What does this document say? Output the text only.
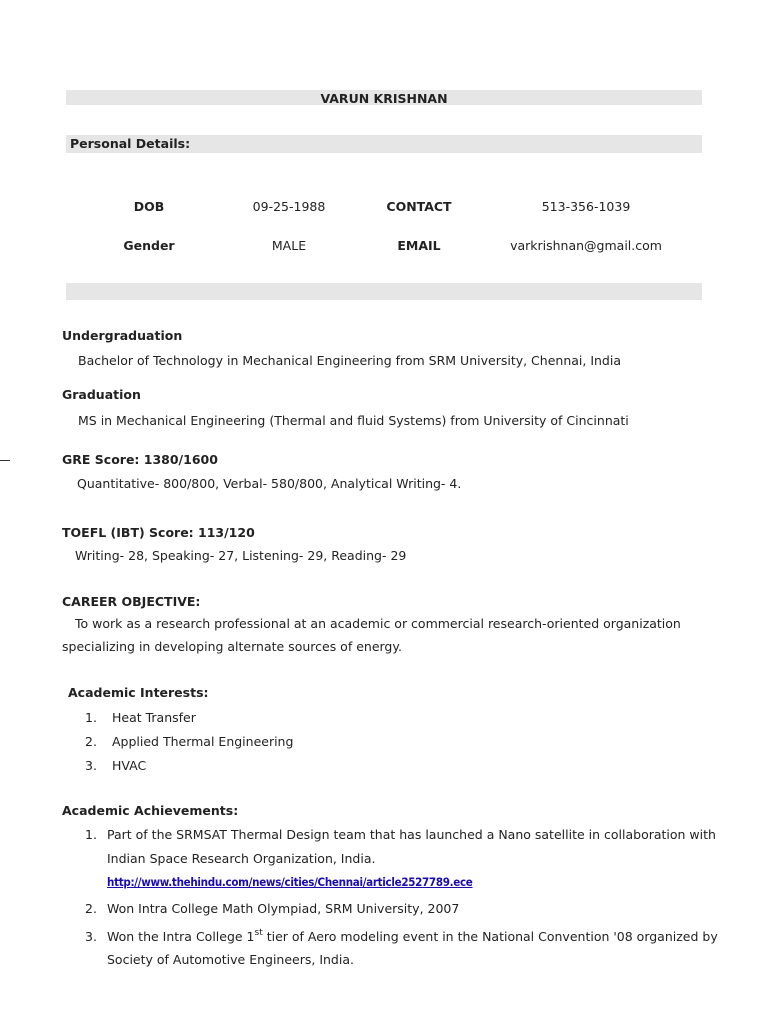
VARUN KRISHNAN
Personal Details:
DOB	09-25-1988	CONTACT	513-356-1039
Gender	MALE	EMAIL	varkrishnan@gmail.com
Undergraduation
Bachelor of Technology in Mechanical Engineering from SRM University, Chennai, India
Graduation
MS in Mechanical Engineering (Thermal and fluid Systems) from University of Cincinnati
GRE Score: 1380/1600
Quantitative- 800/800, Verbal- 580/800, Analytical Writing- 4.
TOEFL (IBT) Score: 113/120
Writing- 28, Speaking- 27, Listening- 29, Reading- 29
CAREER OBJECTIVE:
To work as a research professional at an academic or commercial research-oriented organization
specializing in developing alternate sources of energy.
Academic Interests:
1. Heat Transfer
2. Applied Thermal Engineering
3. HVAC
Academic Achievements:
1. Part of the SRMSAT Thermal Design team that has launched a Nano satellite in collaboration with
Indian Space Research Organization, India.
http://www.thehindu.com/news/cities/Chennai/article2527789.ece
2. Won Intra College Math Olympiad, SRM University, 2007
3. Won the Intra College 1st tier of Aero modeling event in the National Convention '08 organized by
Society of Automotive Engineers, India.
